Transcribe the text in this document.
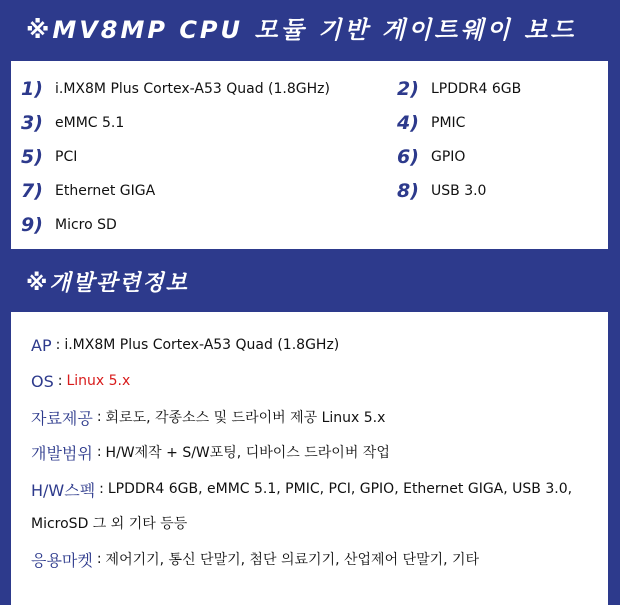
※MV8MP CPU 모듈 기반 게이트웨이 보드
1) i.MX8M Plus Cortex-A53 Quad (1.8GHz)	2) LPDDR4 6GB
3) eMMC 5.1	4) PMIC
5) PCI	6) GPIO
7) Ethernet GIGA	8) USB 3.0
9) Micro SD
※개발관련정보
AP : i.MX8M Plus Cortex-A53 Quad (1.8GHz)
OS : Linux 5.x
자료제공 : 회로도, 각종소스 및 드라이버 제공 Linux 5.x
개발범위 : H/W제작 + S/W포팅, 디바이스 드라이버 작업
H/W스펙 : LPDDR4 6GB, eMMC 5.1, PMIC, PCI, GPIO, Ethernet GIGA, USB 3.0,
MicroSD 그 외 기타 등등
응용마켓 : 제어기기, 통신 단말기, 첨단 의료기기, 산업제어 단말기, 기타
